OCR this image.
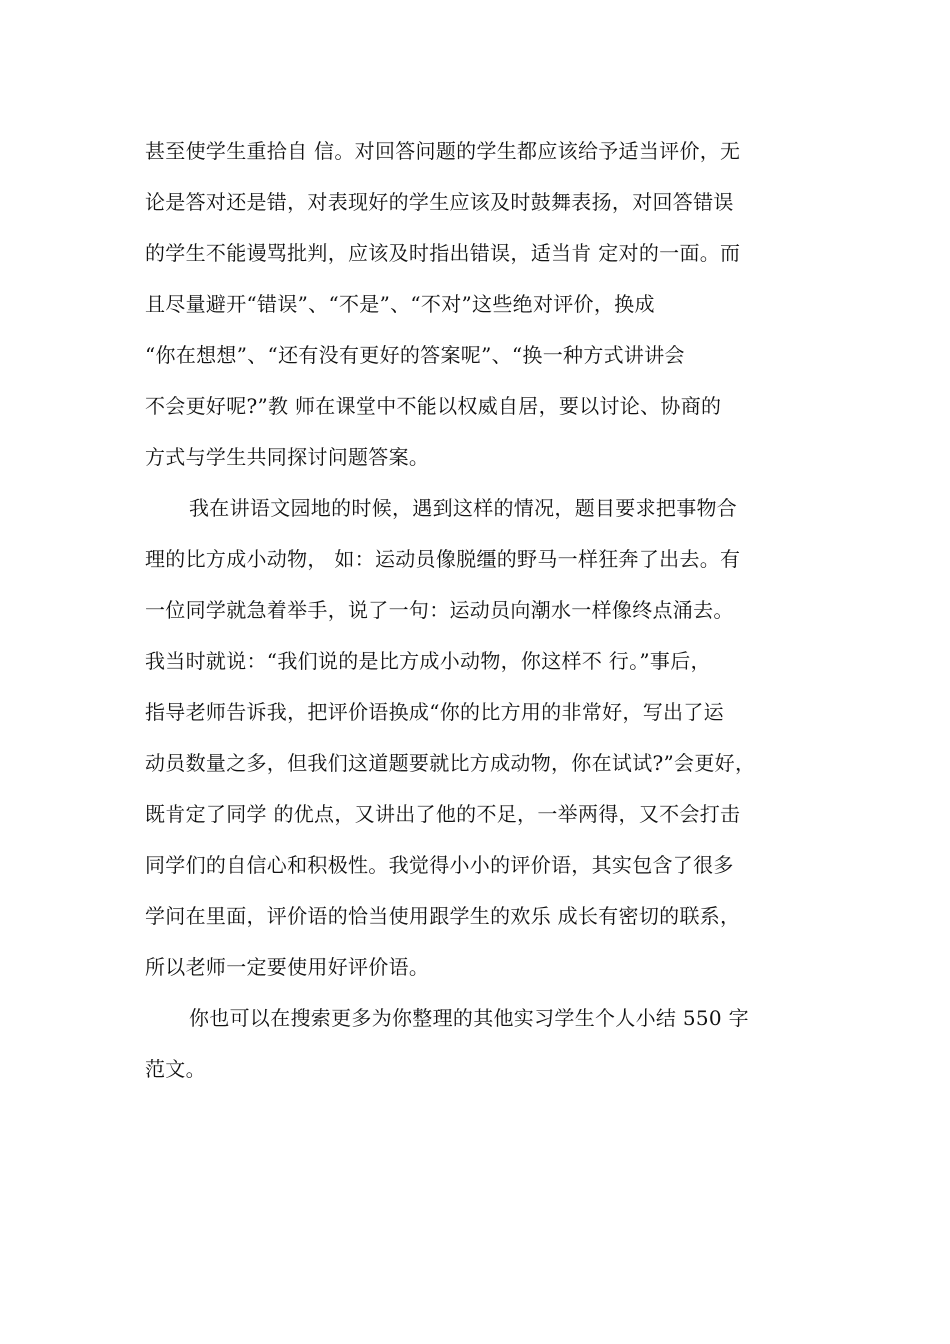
甚至使学生重拾自 信。对回答问题的学生都应该给予适当评价，无
论是答对还是错，对表现好的学生应该及时鼓舞表扬，对回答错误
的学生不能谩骂批判，应该及时指出错误，适当肯 定对的一面。而
且尽量避开“错误”、“不是”、“不对”这些绝对评价，换成
“你在想想”、“还有没有更好的答案呢”、“换一种方式讲讲会
不会更好呢?”教 师在课堂中不能以权威自居，要以讨论、协商的
方式与学生共同探讨问题答案。
我在讲语文园地的时候，遇到这样的情况，题目要求把事物合
理的比方成小动物， 如：运动员像脱缰的野马一样狂奔了出去。有
一位同学就急着举手，说了一句：运动员向潮水一样像终点涌去。
我当时就说：“我们说的是比方成小动物，你这样不 行。”事后，
指导老师告诉我，把评价语换成“你的比方用的非常好，写出了运
动员数量之多，但我们这道题要就比方成动物，你在试试?”会更好，
既肯定了同学 的优点，又讲出了他的不足，一举两得，又不会打击
同学们的自信心和积极性。我觉得小小的评价语，其实包含了很多
学问在里面，评价语的恰当使用跟学生的欢乐 成长有密切的联系，
所以老师一定要使用好评价语。
你也可以在搜索更多为你整理的其他实习学生个人小结 550 字
范文。
